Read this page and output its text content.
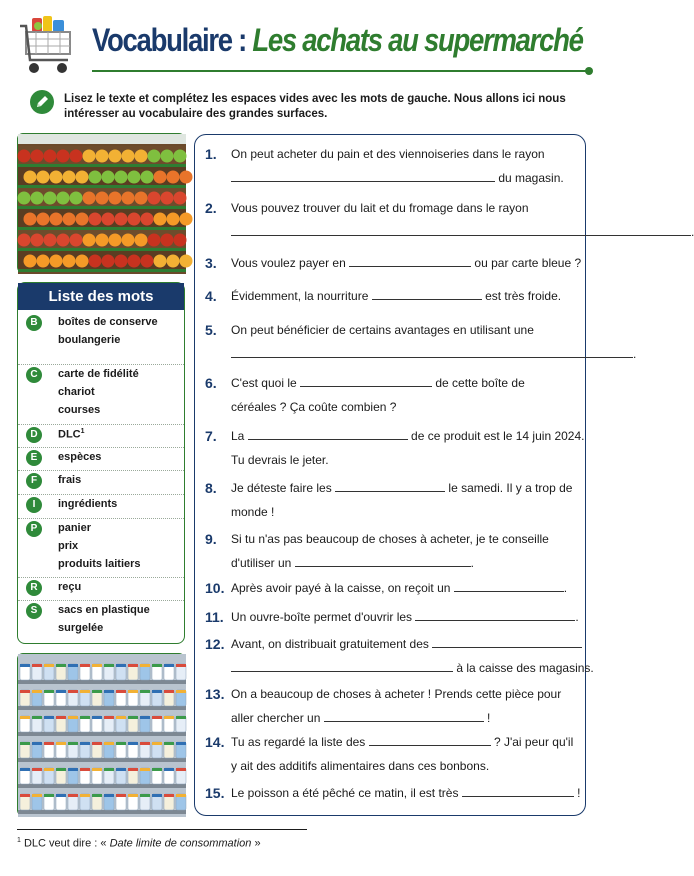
Vocabulaire : Les achats au supermarché
Lisez le texte et complétez les espaces vides avec les mots de gauche. Nous allons ici nous intéresser au vocabulaire des grandes surfaces.
Liste des mots
B	boîtes de conserve
boulangerie
C	carte de fidélité
chariot
courses
D	DLC$^1$
E	espèces
F	frais
I	ingrédients
P	panier
prix
produits laitiers
R	reçu
S	sacs en plastique
surgelée
1. On peut acheter du pain et des viennoiseries dans le rayon
du magasin.
2. Vous pouvez trouver du lait et du fromage dans le rayon
3. Vous voulez payer en	ou par carte bleue ?
4. Évidemment, la nourriture	est très froide.
5. On peut bénéficier de certains avantages en utilisant une
.
6. C'est quoi le	de cette boîte de
céréales ? Ça coûte combien ?
7. La	de ce produit est le 14 juin 2024.
Tu devrais le jeter.
8. Je déteste faire les	le samedi. Il y a trop de
monde !
9. Si tu n'as pas beaucoup de choses à acheter, je te conseille
d'utiliser un	.
10. Après avoir payé à la caisse, on reçoit un	.
11. Un ouvre-boîte permet d'ouvrir les	.
12. Avant, on distribuait gratuitement des
à la caisse des magasins.
13. On a beaucoup de choses à acheter ! Prends cette pièce pour
aller chercher un	!
14. Tu as regardé la liste des	? J'ai peur qu'il
y ait des additifs alimentaires dans ces bonbons.
15. Le poisson a été pêché ce matin, il est très	!
$^1$ DLC veut dire : « Date limite de consommation »
